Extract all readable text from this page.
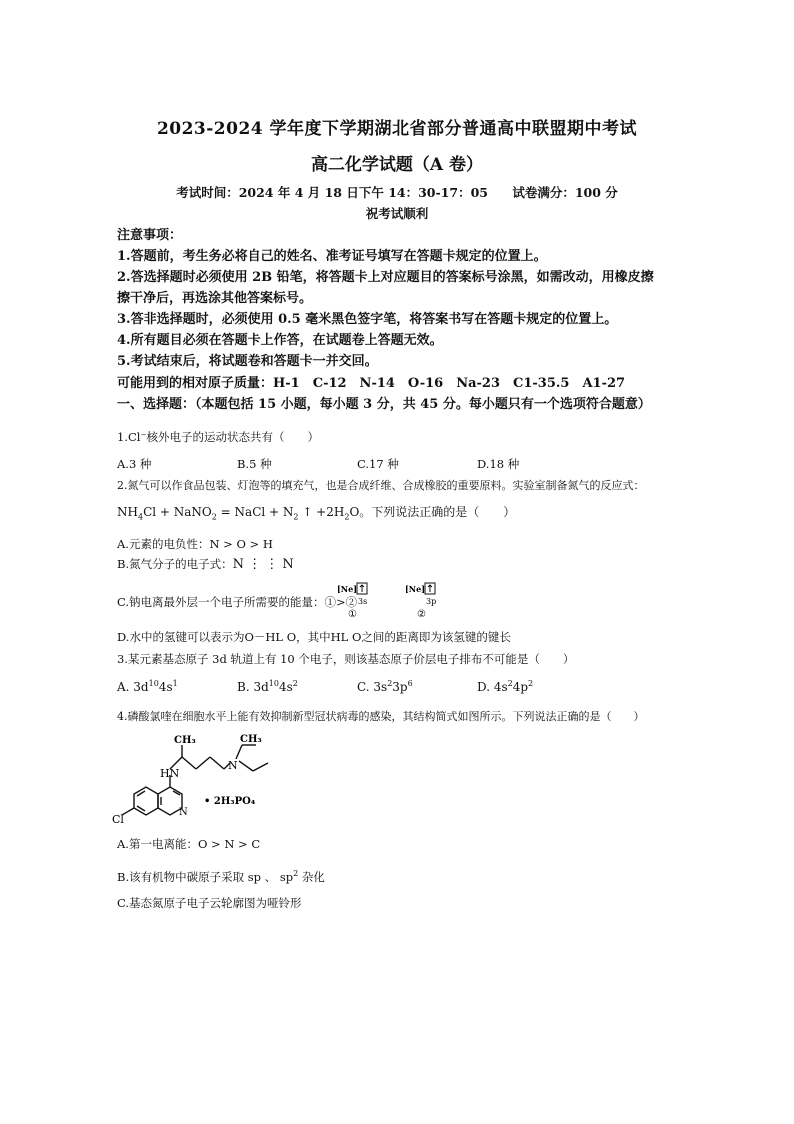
2023-2024 学年度下学期湖北省部分普通高中联盟期中考试
高二化学试题（A 卷）
考试时间：2024 年 4 月 18 日下午 14：30-17：05 试卷满分：100 分
祝考试顺利
注意事项：
1.答题前，考生务必将自己的姓名、准考证号填写在答题卡规定的位置上。
2.答选择题时必须使用 2B 铅笔，将答题卡上对应题目的答案标号涂黑，如需改动，用橡皮擦
擦干净后，再选涂其他答案标号。
3.答非选择题时，必须使用 0.5 毫米黑色签字笔，将答案书写在答题卡规定的位置上。
4.所有题目必须在答题卡上作答，在试题卷上答题无效。
5.考试结束后，将试题卷和答题卡一并交回。
可能用到的相对原子质量：H-1　C-12　N-14　O-16　Na-23　C1-35.5　A1-27
一、选择题：（本题包括 15 小题，每小题 3 分，共 45 分。每小题只有一个选项符合题意）
1.Cl⁻核外电子的运动状态共有（　　）
A.3 种	B.5 种	C.17 种	D.18 种
2.氮气可以作食品包装、灯泡等的填充气，也是合成纤维、合成橡胶的重要原料。实验室制备氮气的反应式：
$NH_4Cl$ + NaNO$_2$ = NaCl + $N_2$ ↑ $+2H_2O$。下列说法正确的是（　　）
A.元素的电负性：N > O > H
B.氮气分子的电子式：N ⋮ ⋮ N
C.钠电离最外层一个电子所需要的能量：①>②
[Ne]
3s
①
[Ne]
3p
②
D.水中的氢键可以表示为O－HL O，其中HL O之间的距离即为该氢键的键长
3.某元素基态原子 3d 轨道上有 10 个电子，则该基态原子价层电子排布不可能是（　　）
A. $3d^{10}4s^1$	B. $3d^{10}4s^2$	C. $3s^23p^6$	D. $4s^24p^2$
4.磷酸氯喹在细胞水平上能有效抑制新型冠状病毒的感染，其结构简式如图所示。下列说法正确的是（　　）
CH₃	CH₃
HN
N
N
Cl
• 2H₃PO₄
A.第一电离能：O > N > C
B.该有机物中碳原子采取 sp 、 $sp^2$ 杂化
C.基态氮原子电子云轮廓图为哑铃形
